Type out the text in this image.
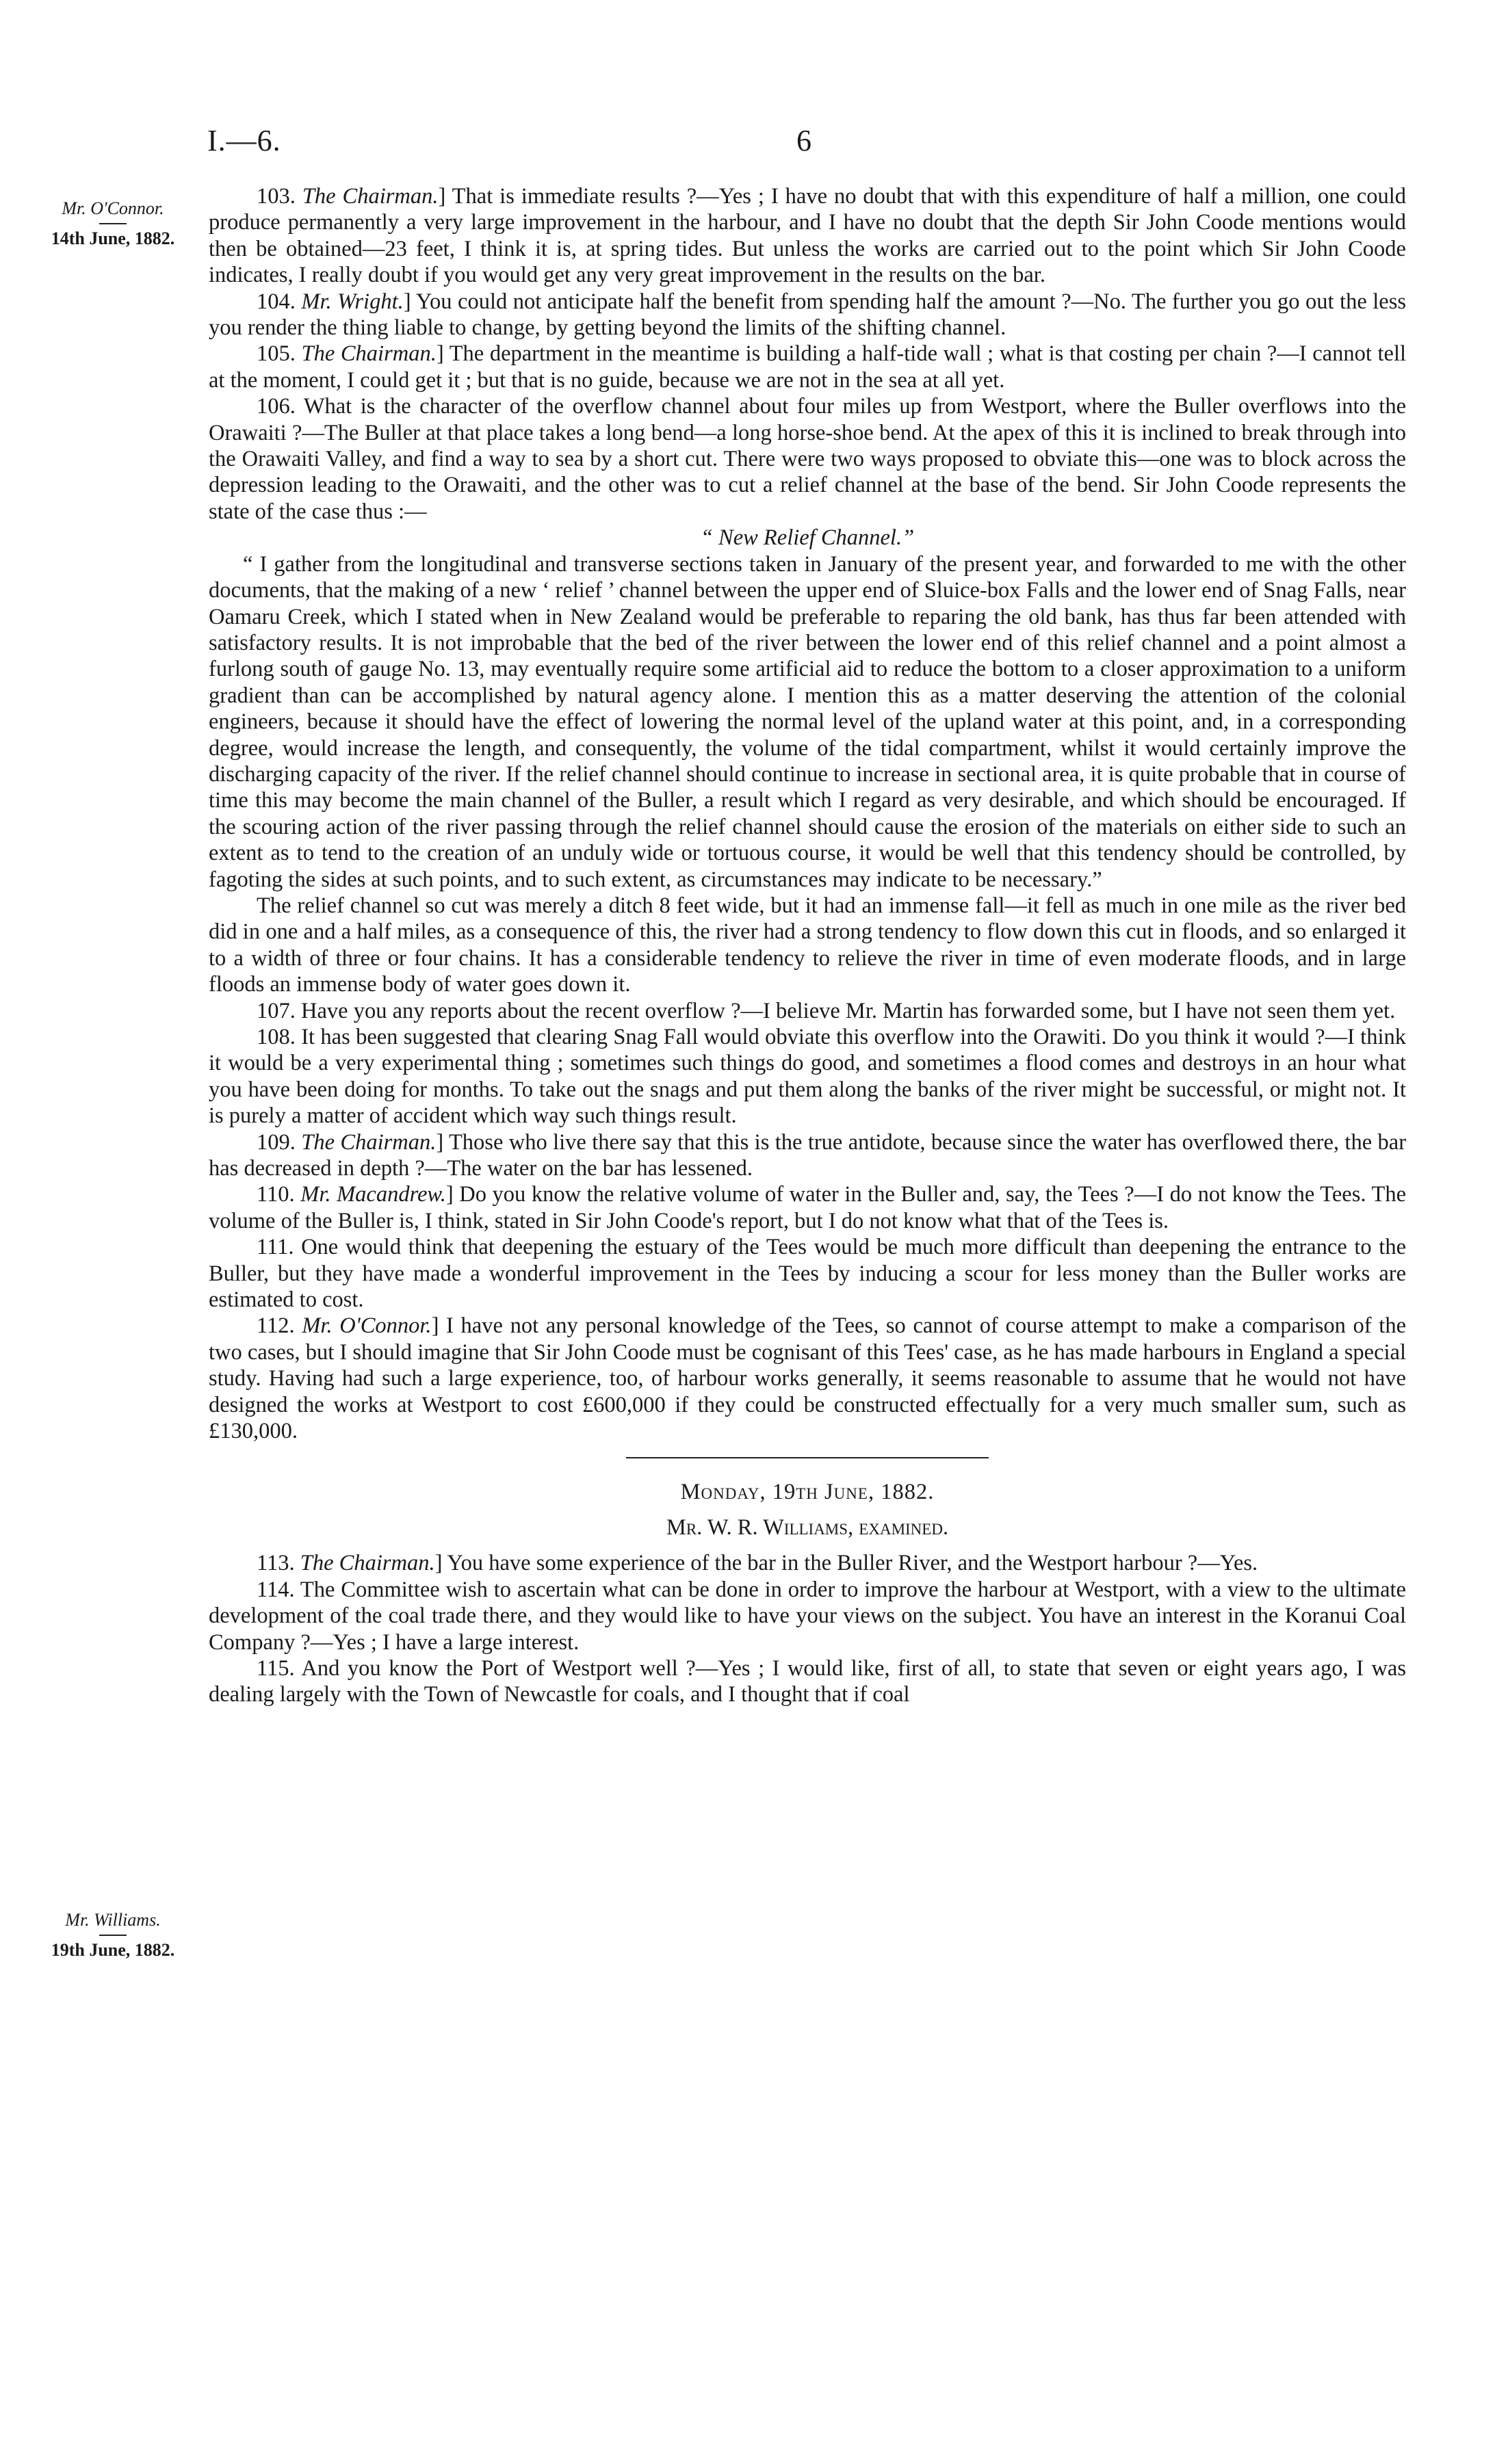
I.—6.	6
Mr. O'Connor.
14th June, 1882.
Mr. Williams.
19th June, 1882.

103. The Chairman.] That is immediate results ?—Yes ; I have no doubt that with this expenditure of half a million, one could produce permanently a very large improvement in the harbour, and I have no doubt that the depth Sir John Coode mentions would then be obtained—23 feet, I think it is, at spring tides. But unless the works are carried out to the point which Sir John Coode indicates, I really doubt if you would get any very great improvement in the results on the bar.

104. Mr. Wright.] You could not anticipate half the benefit from spending half the amount ?—No. The further you go out the less you render the thing liable to change, by getting beyond the limits of the shifting channel.

105. The Chairman.] The department in the meantime is building a half-tide wall ; what is that costing per chain ?—I cannot tell at the moment, I could get it ; but that is no guide, because we are not in the sea at all yet.

106. What is the character of the overflow channel about four miles up from Westport, where the Buller overflows into the Orawaiti ?—The Buller at that place takes a long bend—a long horse-shoe bend. At the apex of this it is inclined to break through into the Orawaiti Valley, and find a way to sea by a short cut. There were two ways proposed to obviate this—one was to block across the depression leading to the Orawaiti, and the other was to cut a relief channel at the base of the bend. Sir John Coode represents the state of the case thus :—

“ New Relief Channel.”

“ I gather from the longitudinal and transverse sections taken in January of the present year, and forwarded to me with the other documents, that the making of a new ‘ relief ’ channel between the upper end of Sluice-box Falls and the lower end of Snag Falls, near Oamaru Creek, which I stated when in New Zealand would be preferable to reparing the old bank, has thus far been attended with satisfactory results. It is not improbable that the bed of the river between the lower end of this relief channel and a point almost a furlong south of gauge No. 13, may eventually require some artificial aid to reduce the bottom to a closer approximation to a uniform gradient than can be accomplished by natural agency alone. I mention this as a matter deserving the attention of the colonial engineers, because it should have the effect of lowering the normal level of the upland water at this point, and, in a corresponding degree, would increase the length, and consequently, the volume of the tidal compartment, whilst it would certainly improve the discharging capacity of the river. If the relief channel should continue to increase in sectional area, it is quite probable that in course of time this may become the main channel of the Buller, a result which I regard as very desirable, and which should be encouraged. If the scouring action of the river passing through the relief channel should cause the erosion of the materials on either side to such an extent as to tend to the creation of an unduly wide or tortuous course, it would be well that this tendency should be controlled, by fagoting the sides at such points, and to such extent, as circumstances may indicate to be necessary.”

The relief channel so cut was merely a ditch 8 feet wide, but it had an immense fall—it fell as much in one mile as the river bed did in one and a half miles, as a consequence of this, the river had a strong tendency to flow down this cut in floods, and so enlarged it to a width of three or four chains. It has a considerable tendency to relieve the river in time of even moderate floods, and in large floods an immense body of water goes down it.

107. Have you any reports about the recent overflow ?—I believe Mr. Martin has forwarded some, but I have not seen them yet.

108. It has been suggested that clearing Snag Fall would obviate this overflow into the Orawiti. Do you think it would ?—I think it would be a very experimental thing ; sometimes such things do good, and sometimes a flood comes and destroys in an hour what you have been doing for months. To take out the snags and put them along the banks of the river might be successful, or might not. It is purely a matter of accident which way such things result.

109. The Chairman.] Those who live there say that this is the true antidote, because since the water has overflowed there, the bar has decreased in depth ?—The water on the bar has lessened.

110. Mr. Macandrew.] Do you know the relative volume of water in the Buller and, say, the Tees ?—I do not know the Tees. The volume of the Buller is, I think, stated in Sir John Coode's report, but I do not know what that of the Tees is.

111. One would think that deepening the estuary of the Tees would be much more difficult than deepening the entrance to the Buller, but they have made a wonderful improvement in the Tees by inducing a scour for less money than the Buller works are estimated to cost.

112. Mr. O'Connor.] I have not any personal knowledge of the Tees, so cannot of course attempt to make a comparison of the two cases, but I should imagine that Sir John Coode must be cognisant of this Tees' case, as he has made harbours in England a special study. Having had such a large experience, too, of harbour works generally, it seems reasonable to assume that he would not have designed the works at Westport to cost £600,000 if they could be constructed effectually for a very much smaller sum, such as £130,000.

Monday, 19th June, 1882.

Mr. W. R. Williams, examined.

113. The Chairman.] You have some experience of the bar in the Buller River, and the Westport harbour ?—Yes.

114. The Committee wish to ascertain what can be done in order to improve the harbour at Westport, with a view to the ultimate development of the coal trade there, and they would like to have your views on the subject. You have an interest in the Koranui Coal Company ?—Yes ; I have a large interest.

115. And you know the Port of Westport well ?—Yes ; I would like, first of all, to state that seven or eight years ago, I was dealing largely with the Town of Newcastle for coals, and I thought that if coal
